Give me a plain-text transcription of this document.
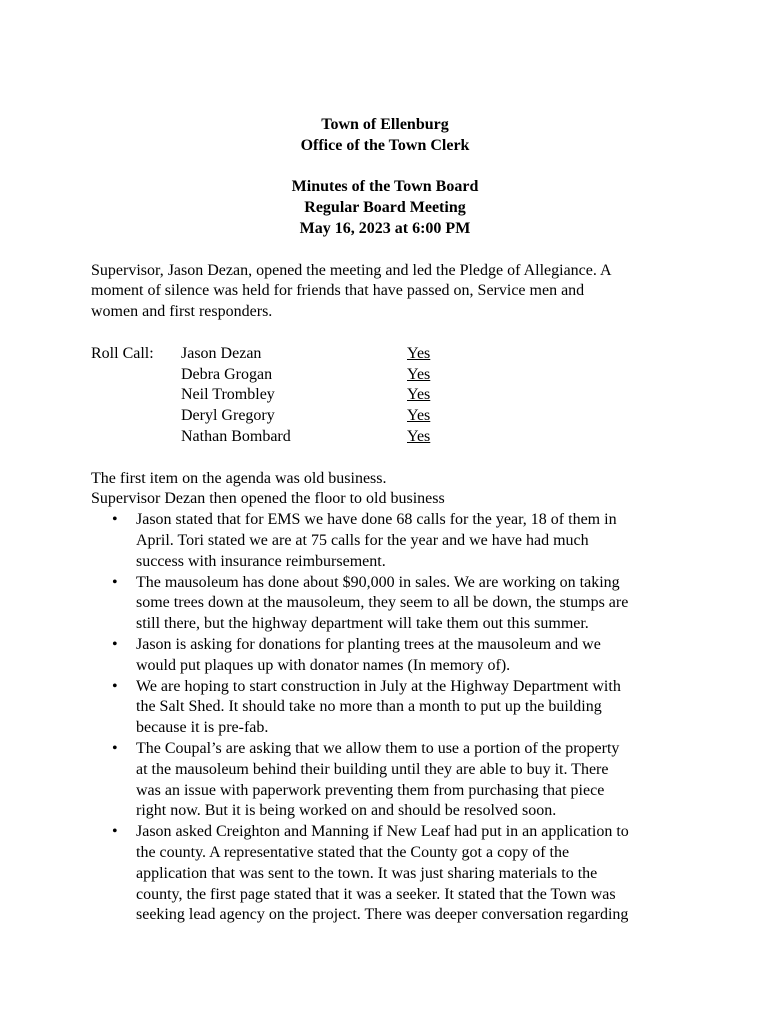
Town of Ellenburg
Office of the Town Clerk
Minutes of the Town Board
Regular Board Meeting
May 16, 2023 at 6:00 PM

Supervisor, Jason Dezan, opened the meeting and led the Pledge of Allegiance. A
moment of silence was held for friends that have passed on, Service men and
women and first responders.

Roll Call: Jason Dezan	Yes
Debra Grogan	Yes
Neil Trombley	Yes
Deryl Gregory	Yes
Nathan Bombard	Yes

The first item on the agenda was old business.
Supervisor Dezan then opened the floor to old business

• Jason stated that for EMS we have done 68 calls for the year, 18 of them in
April. Tori stated we are at 75 calls for the year and we have had much
success with insurance reimbursement.
• The mausoleum has done about $90,000 in sales. We are working on taking
some trees down at the mausoleum, they seem to all be down, the stumps are
still there, but the highway department will take them out this summer.
• Jason is asking for donations for planting trees at the mausoleum and we
would put plaques up with donator names (In memory of).
• We are hoping to start construction in July at the Highway Department with
the Salt Shed. It should take no more than a month to put up the building
because it is pre-fab.
• The Coupal’s are asking that we allow them to use a portion of the property
at the mausoleum behind their building until they are able to buy it. There
was an issue with paperwork preventing them from purchasing that piece
right now. But it is being worked on and should be resolved soon.
• Jason asked Creighton and Manning if New Leaf had put in an application to
the county. A representative stated that the County got a copy of the
application that was sent to the town. It was just sharing materials to the
county, the first page stated that it was a seeker. It stated that the Town was
seeking lead agency on the project. There was deeper conversation regarding
